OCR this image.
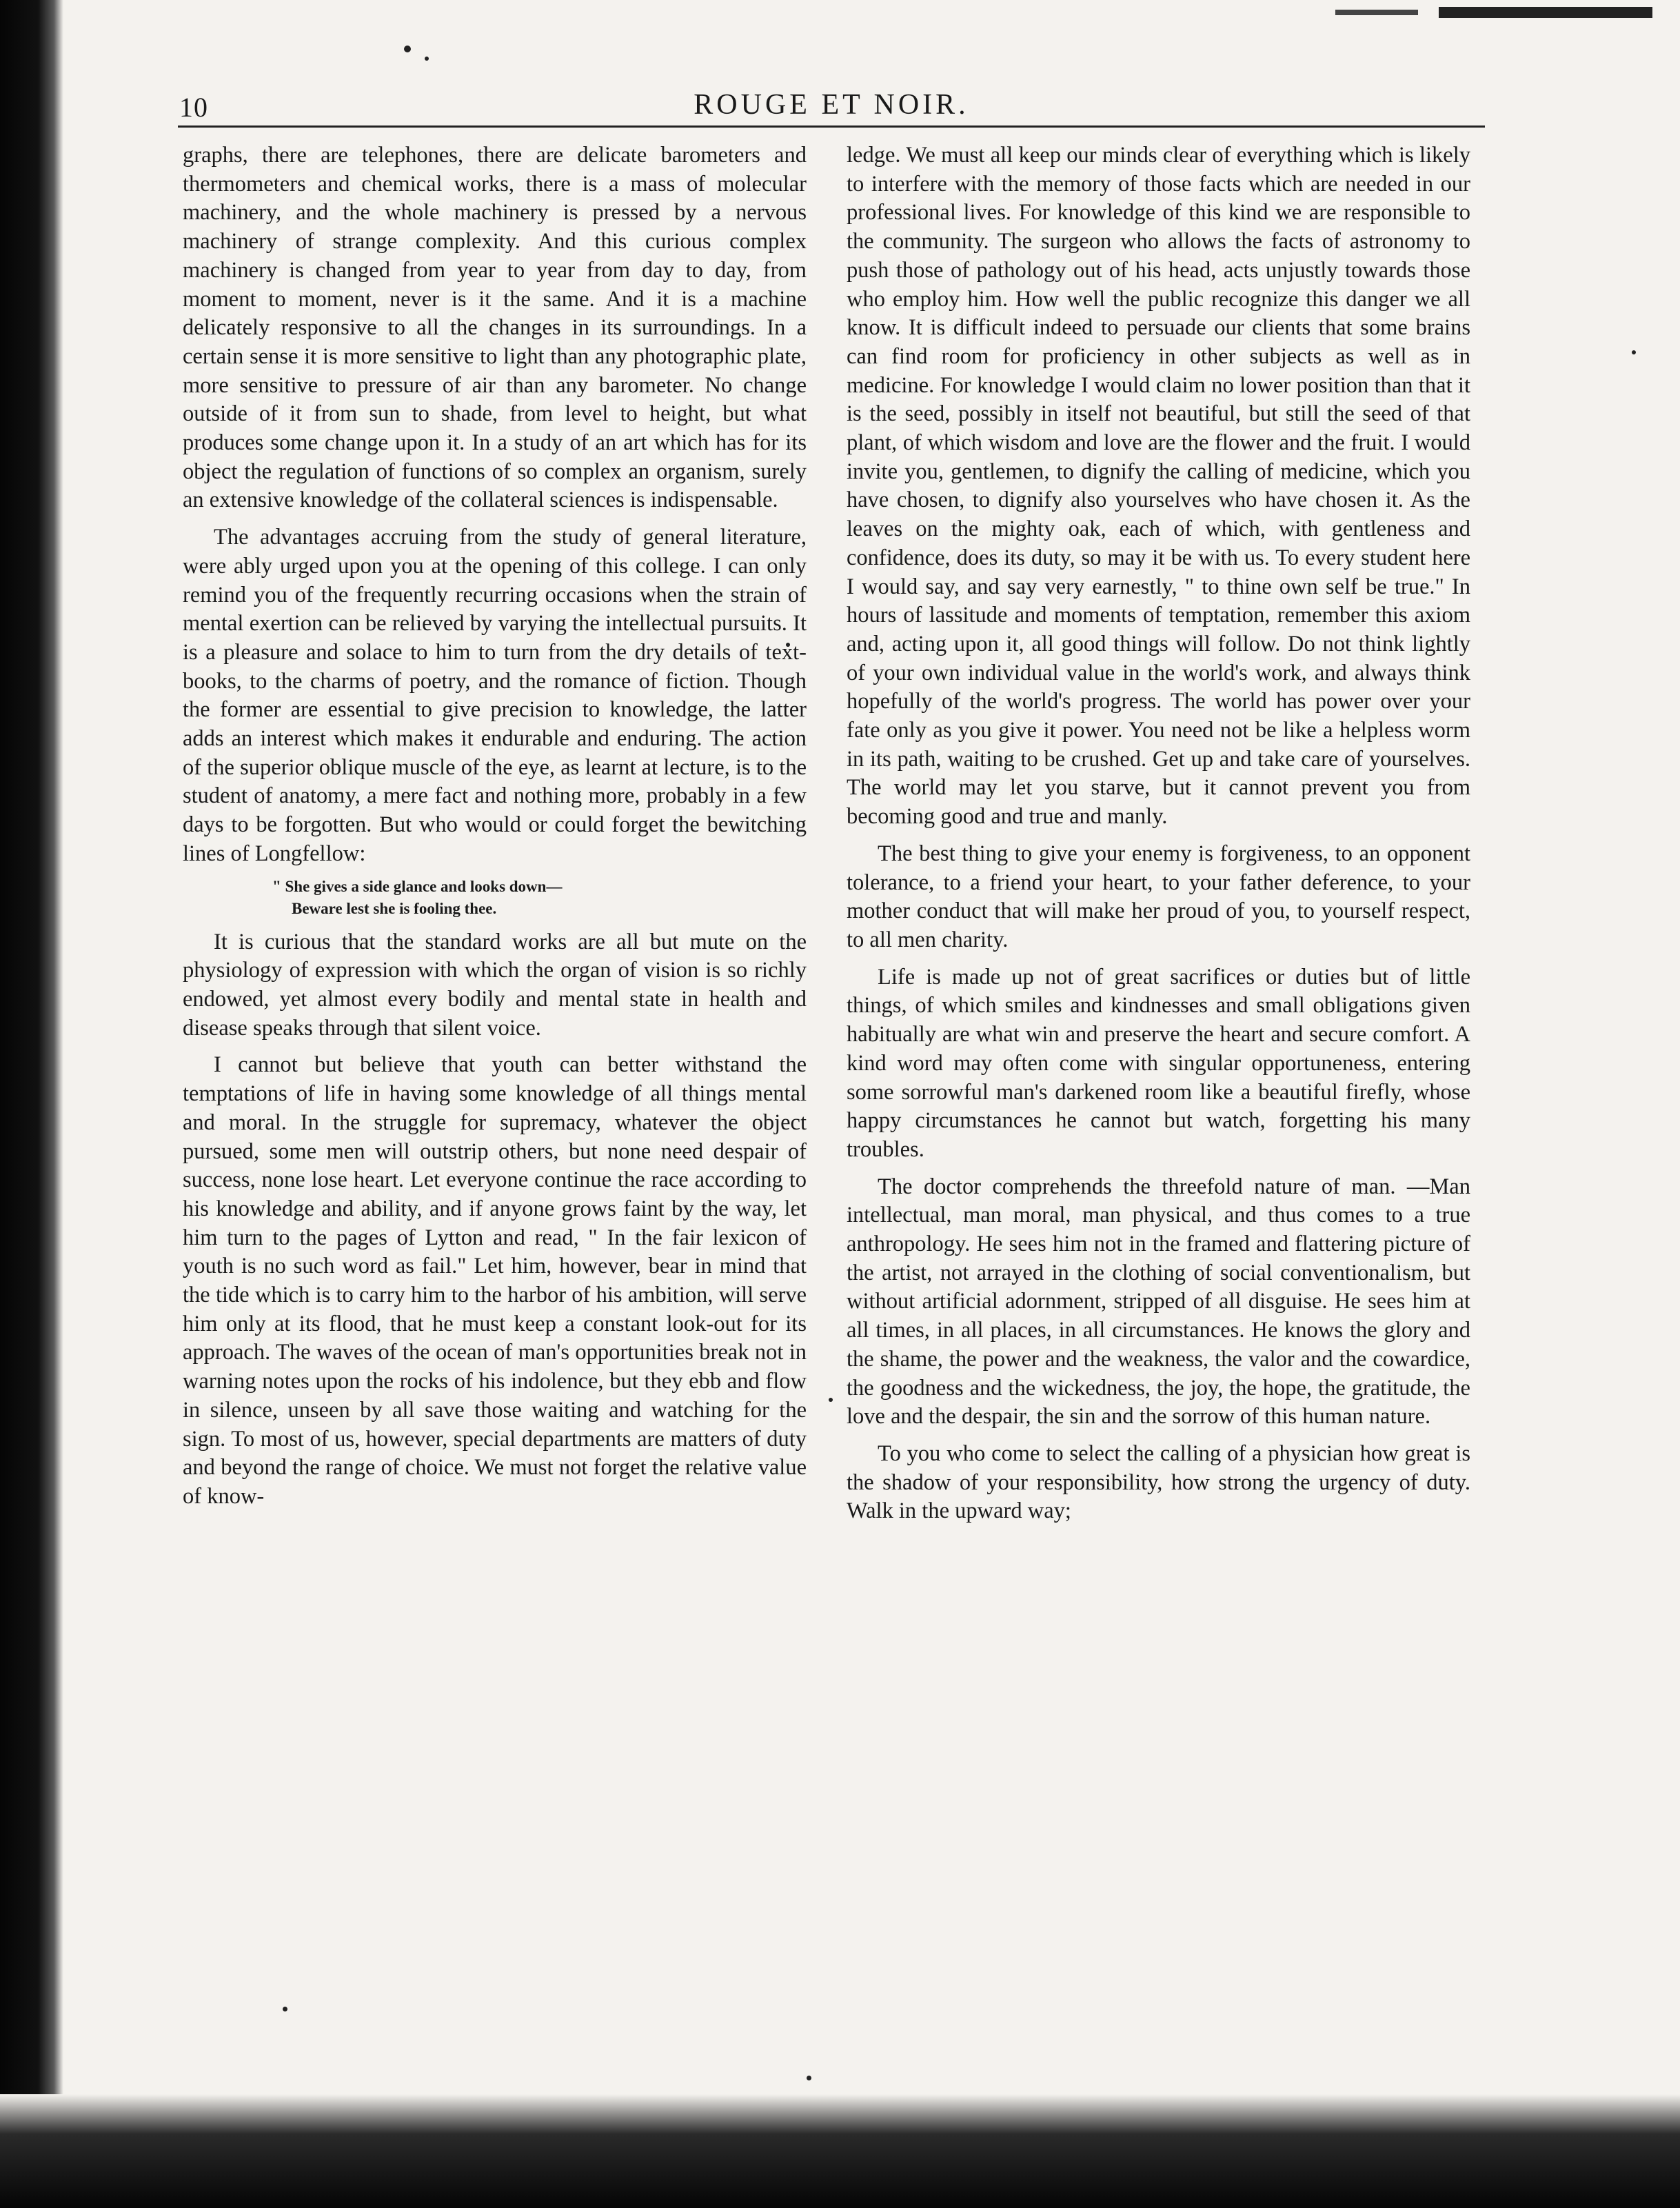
10	ROUGE ET NOIR.

graphs, there are telephones, there are delicate barometers and thermometers and chemical works, there is a mass of molecular machinery, and the whole machinery is pressed by a nervous machinery of strange complexity. And this curious complex machinery is changed from year to year from day to day, from moment to moment, never is it the same. And it is a machine delicately responsive to all the changes in its surroundings. In a certain sense it is more sensitive to light than any photographic plate, more sensitive to pressure of air than any barometer. No change outside of it from sun to shade, from level to height, but what produces some change upon it. In a study of an art which has for its object the regulation of functions of so complex an organism, surely an extensive knowledge of the collateral sciences is indispensable.

The advantages accruing from the study of general literature, were ably urged upon you at the opening of this college. I can only remind you of the frequently recurring occasions when the strain of mental exertion can be relieved by varying the intellectual pursuits. It is a pleasure and solace to him to turn from the dry details of text-books, to the charms of poetry, and the romance of fiction. Though the former are essential to give precision to knowledge, the latter adds an interest which makes it endurable and enduring. The action of the superior oblique muscle of the eye, as learnt at lecture, is to the student of anatomy, a mere fact and nothing more, probably in a few days to be forgotten. But who would or could forget the bewitching lines of Longfellow:

" She gives a side glance and looks down—
Beware lest she is fooling thee.

It is curious that the standard works are all but mute on the physiology of expression with which the organ of vision is so richly endowed, yet almost every bodily and mental state in health and disease speaks through that silent voice.

I cannot but believe that youth can better withstand the temptations of life in having some knowledge of all things mental and moral. In the struggle for supremacy, whatever the object pursued, some men will outstrip others, but none need despair of success, none lose heart. Let everyone continue the race according to his knowledge and ability, and if anyone grows faint by the way, let him turn to the pages of Lytton and read, " In the fair lexicon of youth is no such word as fail." Let him, however, bear in mind that the tide which is to carry him to the harbor of his ambition, will serve him only at its flood, that he must keep a constant look-out for its approach. The waves of the ocean of man's opportunities break not in warning notes upon the rocks of his indolence, but they ebb and flow in silence, unseen by all save those waiting and watching for the sign. To most of us, however, special departments are matters of duty and beyond the range of choice. We must not forget the relative value of know-

ledge. We must all keep our minds clear of everything which is likely to interfere with the memory of those facts which are needed in our professional lives. For knowledge of this kind we are responsible to the community. The surgeon who allows the facts of astronomy to push those of pathology out of his head, acts unjustly towards those who employ him. How well the public recognize this danger we all know. It is difficult indeed to persuade our clients that some brains can find room for proficiency in other subjects as well as in medicine. For knowledge I would claim no lower position than that it is the seed, possibly in itself not beautiful, but still the seed of that plant, of which wisdom and love are the flower and the fruit. I would invite you, gentlemen, to dignify the calling of medicine, which you have chosen, to dignify also yourselves who have chosen it. As the leaves on the mighty oak, each of which, with gentleness and confidence, does its duty, so may it be with us. To every student here I would say, and say very earnestly, " to thine own self be true." In hours of lassitude and moments of temptation, remember this axiom and, acting upon it, all good things will follow. Do not think lightly of your own individual value in the world's work, and always think hopefully of the world's progress. The world has power over your fate only as you give it power. You need not be like a helpless worm in its path, waiting to be crushed. Get up and take care of yourselves. The world may let you starve, but it cannot prevent you from becoming good and true and manly.

The best thing to give your enemy is forgiveness, to an opponent tolerance, to a friend your heart, to your father deference, to your mother conduct that will make her proud of you, to yourself respect, to all men charity.

Life is made up not of great sacrifices or duties but of little things, of which smiles and kindnesses and small obligations given habitually are what win and preserve the heart and secure comfort. A kind word may often come with singular opportuneness, entering some sorrowful man's darkened room like a beautiful firefly, whose happy circumstances he cannot but watch, forgetting his many troubles.

The doctor comprehends the threefold nature of man. —Man intellectual, man moral, man physical, and thus comes to a true anthropology. He sees him not in the framed and flattering picture of the artist, not arrayed in the clothing of social conventionalism, but without artificial adornment, stripped of all disguise. He sees him at all times, in all places, in all circumstances. He knows the glory and the shame, the power and the weakness, the valor and the cowardice, the goodness and the wickedness, the joy, the hope, the gratitude, the love and the despair, the sin and the sorrow of this human nature.

To you who come to select the calling of a physician how great is the shadow of your responsibility, how strong the urgency of duty. Walk in the upward way;
